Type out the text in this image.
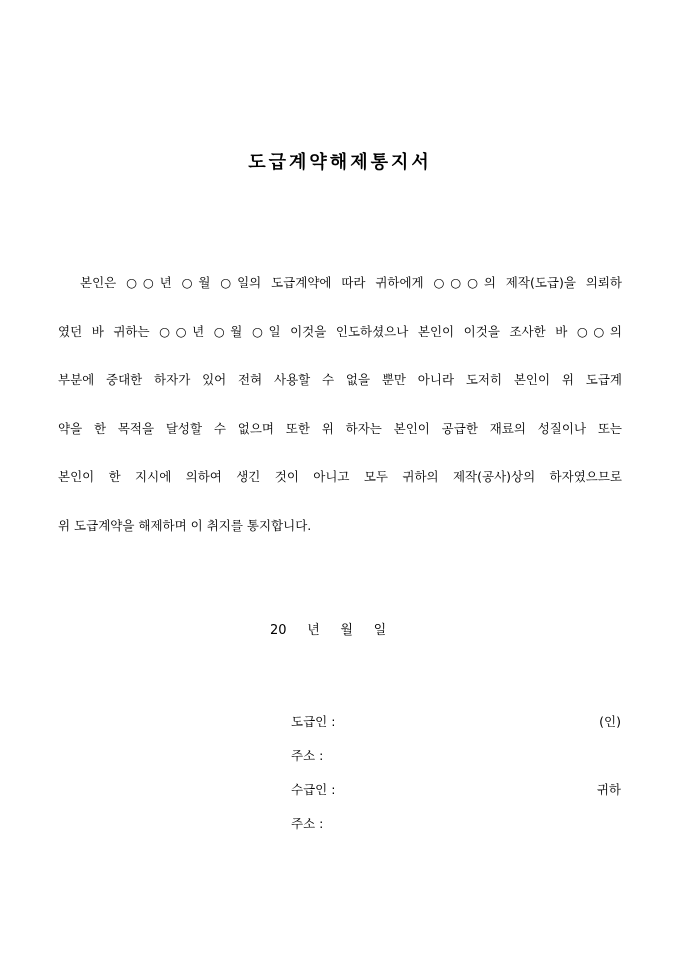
도급계약해제통지서
본인은 ○○년 ○월 ○일의 도급계약에 따라 귀하에게 ○○○의 제작(도급)을 의뢰하
였던 바 귀하는 ○○년 ○월 ○일 이것을 인도하셨으나 본인이 이것을 조사한 바 ○○의
부분에 중대한 하자가 있어 전혀 사용할 수 없을 뿐만 아니라 도저히 본인이 위 도급계
약을 한 목적을 달성할 수 없으며 또한 위 하자는 본인이 공급한 재료의 성질이나 또는
본인이 한 지시에 의하여 생긴 것이 아니고 모두 귀하의 제작(공사)상의 하자였으므로
위 도급계약을 해제하며 이 취지를 통지합니다.
20     년     월     일
도급인 :	(인)
주소 :
수급인 :	귀하
주소 :
